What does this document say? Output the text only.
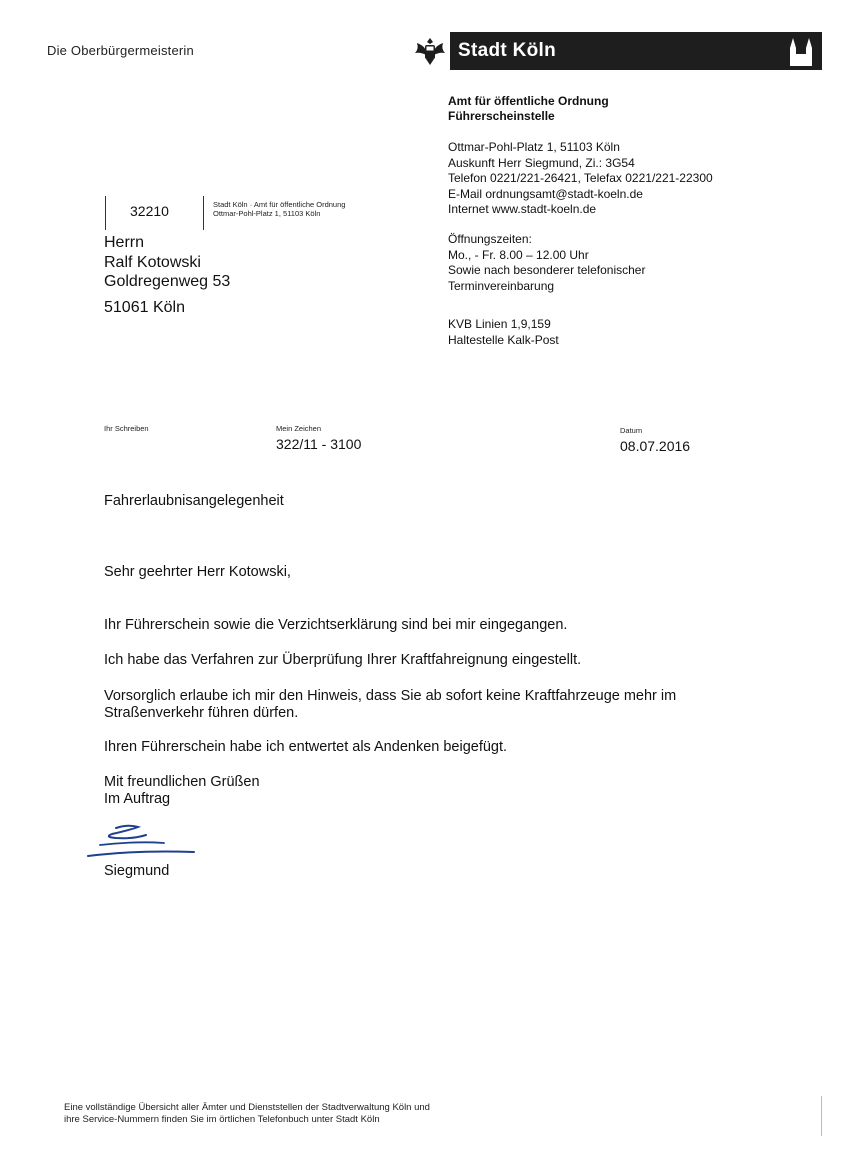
Die Oberbürgermeisterin	Stadt Köln
Amt für öffentliche Ordnung
Führerscheinstelle
Ottmar-Pohl-Platz 1, 51103 Köln
Auskunft Herr Siegmund, Zi.: 3G54
Telefon 0221/221-26421, Telefax 0221/221-22300
E-Mail ordnungsamt@stadt-koeln.de
Internet www.stadt-koeln.de
Öffnungszeiten:
Mo., - Fr. 8.00 – 12.00 Uhr
Sowie nach besonderer telefonischer
Terminvereinbarung
KVB Linien 1,9,159
Haltestelle Kalk-Post
32210	Stadt Köln · Amt für öffentliche Ordnung
Ottmar-Pohl-Platz 1, 51103 Köln
Herrn
Ralf Kotowski
Goldregenweg 53
51061 Köln
Ihr Schreiben	Mein Zeichen
322/11 - 3100
Datum
08.07.2016
Fahrerlaubnisangelegenheit
Sehr geehrter Herr Kotowski,
Ihr Führerschein sowie die Verzichtserklärung sind bei mir eingegangen.
Ich habe das Verfahren zur Überprüfung Ihrer Kraftfahreignung eingestellt.
Vorsorglich erlaube ich mir den Hinweis, dass Sie ab sofort keine Kraftfahrzeuge mehr im Straßenverkehr führen dürfen.
Ihren Führerschein habe ich entwertet als Andenken beigefügt.
Mit freundlichen Grüßen
Im Auftrag
Siegmund
Eine vollständige Übersicht aller Ämter und Dienststellen der Stadtverwaltung Köln und
ihre Service-Nummern finden Sie im örtlichen Telefonbuch unter Stadt Köln
